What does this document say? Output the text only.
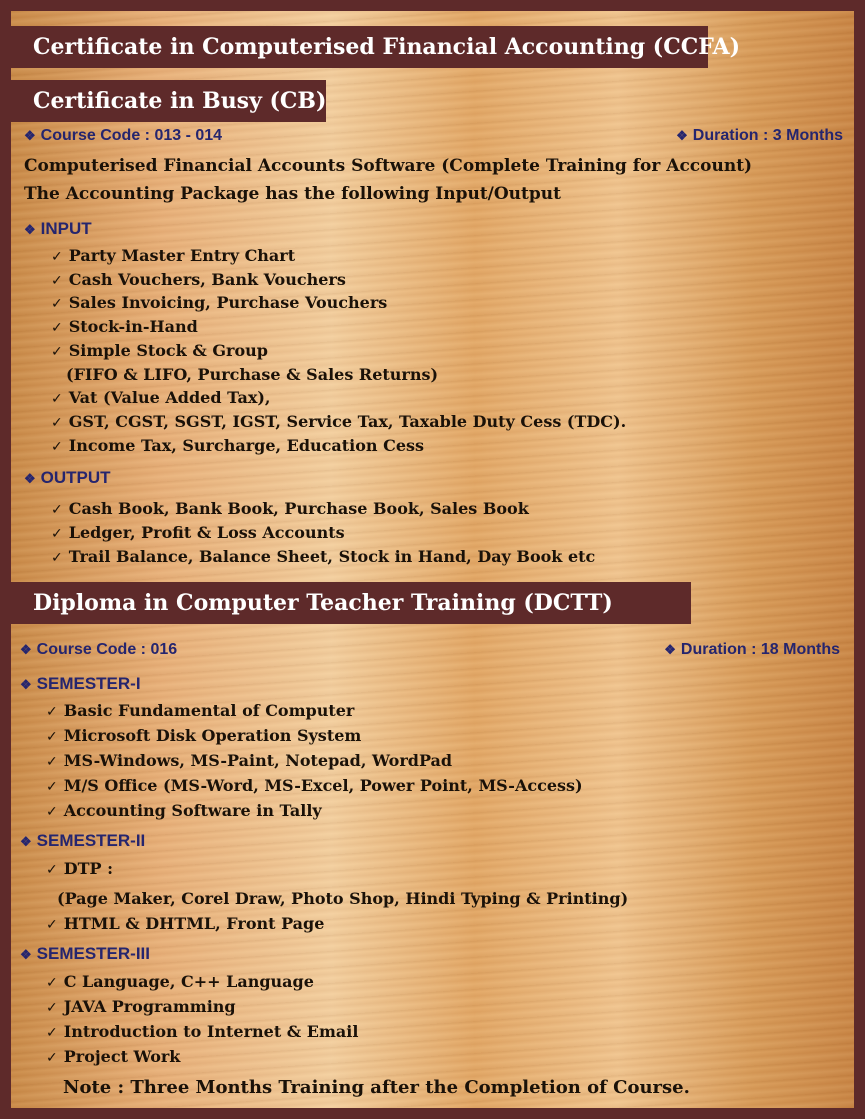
Certificate in Computerised Financial Accounting (CCFA)
Certificate in Busy (CB)
❖ Course Code : 013 - 014	❖ Duration : 3 Months
Computerised Financial Accounts Software (Complete Training for Account)
The Accounting Package has the following Input/Output
❖ INPUT
✓ Party Master Entry Chart
✓ Cash Vouchers, Bank Vouchers
✓ Sales Invoicing, Purchase Vouchers
✓ Stock-in-Hand
✓ Simple Stock & Group
(FIFO & LIFO, Purchase & Sales Returns)
✓ Vat (Value Added Tax),
✓ GST, CGST, SGST, IGST, Service Tax, Taxable Duty Cess (TDC).
✓ Income Tax, Surcharge, Education Cess
❖ OUTPUT
✓ Cash Book, Bank Book, Purchase Book, Sales Book
✓ Ledger, Profit & Loss Accounts
✓ Trail Balance, Balance Sheet, Stock in Hand, Day Book etc
Diploma in Computer Teacher Training (DCTT)
❖ Course Code : 016	❖ Duration : 18 Months
❖ SEMESTER-I
✓ Basic Fundamental of Computer
✓ Microsoft Disk Operation System
✓ MS-Windows, MS-Paint, Notepad, WordPad
✓ M/S Office (MS-Word, MS-Excel, Power Point, MS-Access)
✓ Accounting Software in Tally
❖ SEMESTER-II
✓ DTP :
(Page Maker, Corel Draw, Photo Shop, Hindi Typing & Printing)
✓ HTML & DHTML, Front Page
❖ SEMESTER-III
✓ C Language, C++ Language
✓ JAVA Programming
✓ Introduction to Internet & Email
✓ Project Work
Note : Three Months Training after the Completion of Course.
